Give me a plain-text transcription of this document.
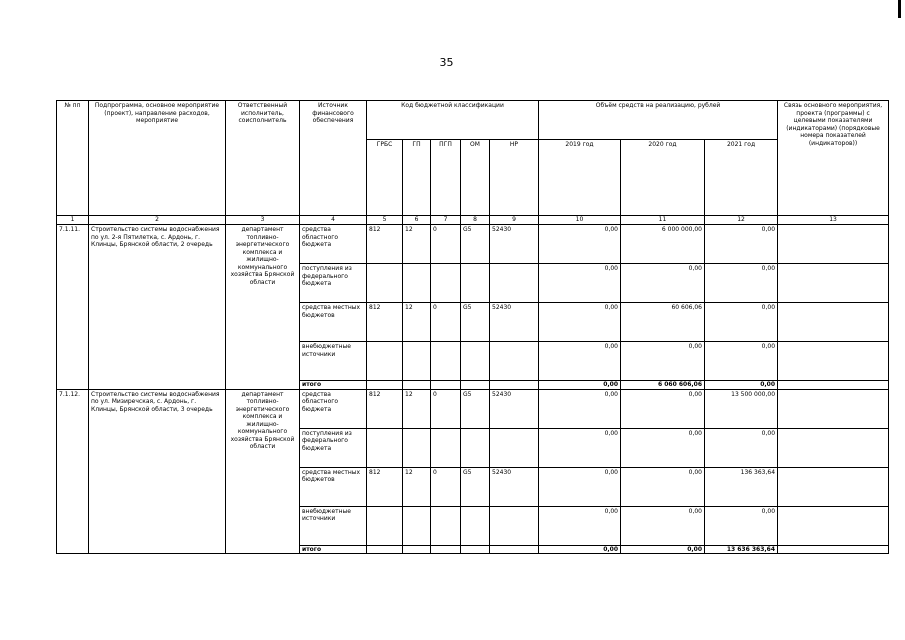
35
№ пп	Подпрограмма, основное мероприятие (проект), направление расходов, мероприятие	Ответственный исполнитель, соисполнитель	Источник финансового обеспечения	Код бюджетной классификации					Объём средств на реализацию, рублей			Связь основного мероприятия, проекта (программы) с целевыми показателями (индикаторами) (порядковые номера показателей (индикаторов))
				ГРБС	ГП	ПГП	ОМ	НР	2019 год	2020 год	2021 год	
1	2	3	4	5	6	7	8	9	10	11	12	13
7.1.11.	Строительство системы водоснабжения по ул. 2-я Пятилетка, с. Ардонь, г. Клинцы, Брянской области, 2 очередь	департамент топливно-энергетического комплекса и жилищно-коммунального хозяйства Брянской области	средства областного бюджета	812	12	0	G5	52430	0,00	6 000 000,00	0,00	
			поступления из федерального бюджета						0,00	0,00	0,00	
			средства местных бюджетов	812	12	0	G5	52430	0,00	60 606,06	0,00	
			внебюджетные источники						0,00	0,00	0,00	
			итого						0,00	6 060 606,06	0,00	
7.1.12.	Строительство системы водоснабжения по ул. Мизиречская, с. Ардонь, г. Клинцы, Брянской области, 3 очередь	департамент топливно-энергетического комплекса и жилищно-коммунального хозяйства Брянской области	средства областного бюджета	812	12	0	G5	52430	0,00	0,00	13 500 000,00	
			поступления из федерального бюджета						0,00	0,00	0,00	
			средства местных бюджетов	812	12	0	G5	52430	0,00	0,00	136 363,64	
			внебюджетные источники						0,00	0,00	0,00	
			итого						0,00	0,00	13 636 363,64	
